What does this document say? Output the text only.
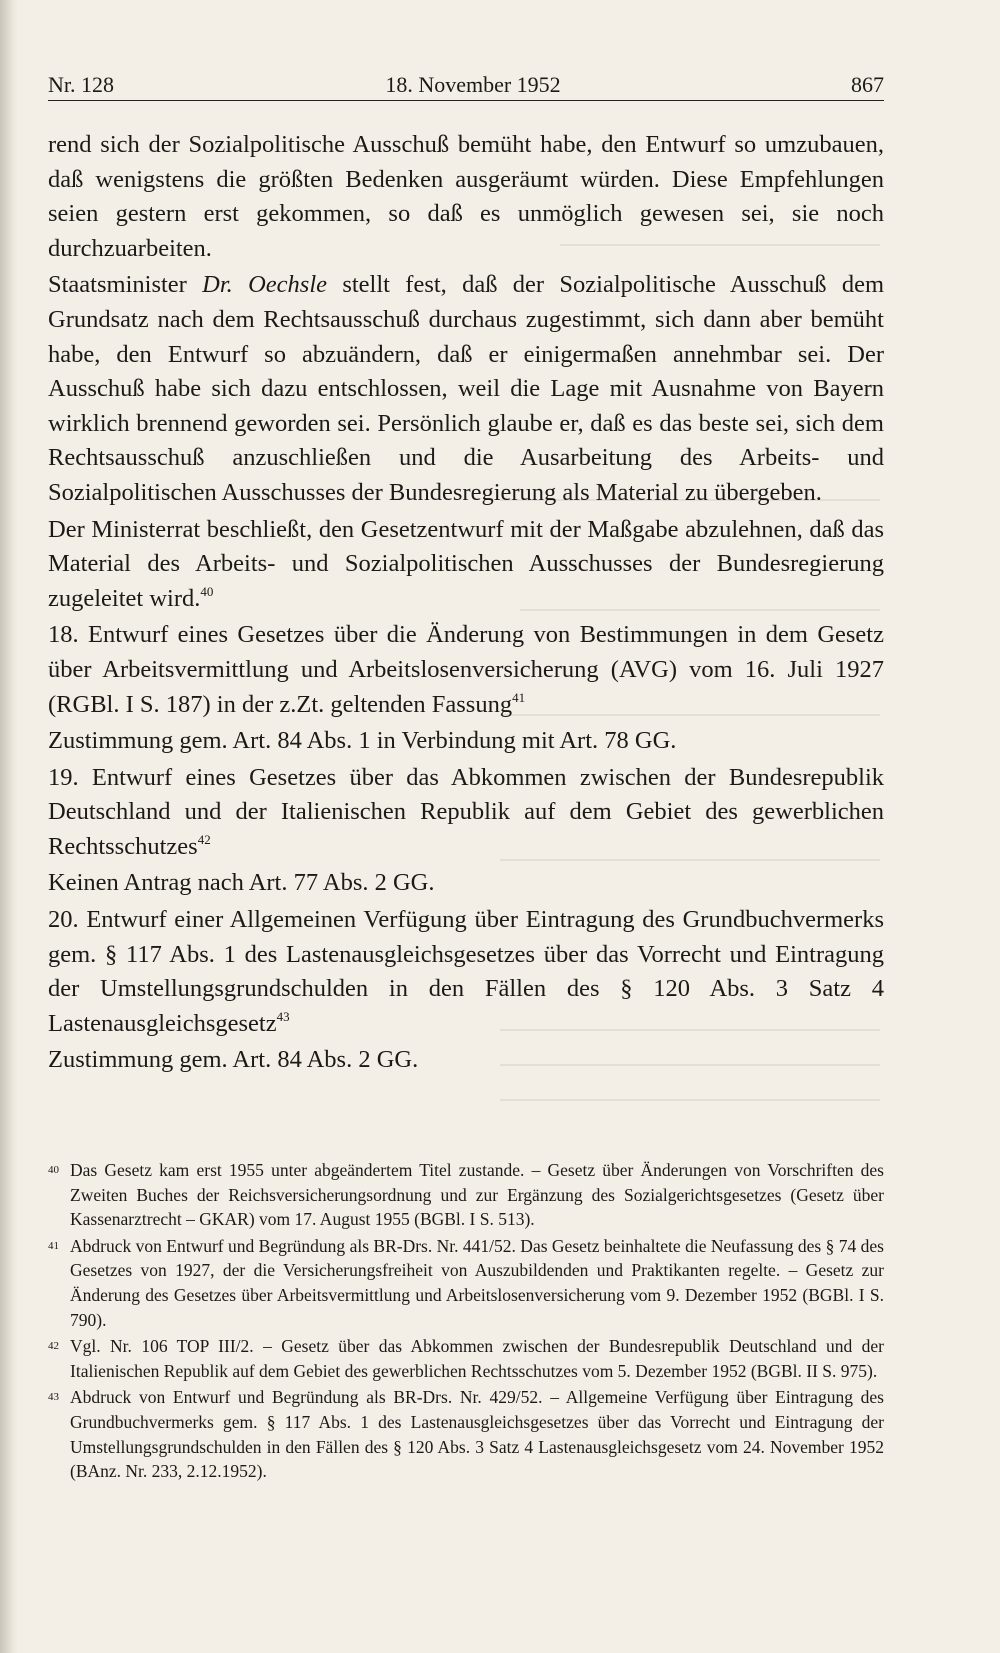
Nr. 128	18. November 1952	867

rend sich der Sozialpolitische Ausschuß bemüht habe, den Entwurf so umzubauen, daß wenigstens die größten Bedenken ausgeräumt würden. Diese Empfehlungen seien gestern erst gekommen, so daß es unmöglich gewesen sei, sie noch durchzuarbeiten.

Staatsminister Dr. Oechsle stellt fest, daß der Sozialpolitische Ausschuß dem Grundsatz nach dem Rechtsausschuß durchaus zugestimmt, sich dann aber bemüht habe, den Entwurf so abzuändern, daß er einigermaßen annehmbar sei. Der Ausschuß habe sich dazu entschlossen, weil die Lage mit Ausnahme von Bayern wirklich brennend geworden sei. Persönlich glaube er, daß es das beste sei, sich dem Rechtsausschuß anzuschließen und die Ausarbeitung des Arbeits- und Sozialpolitischen Ausschusses der Bundesregierung als Material zu übergeben.

Der Ministerrat beschließt, den Gesetzentwurf mit der Maßgabe abzulehnen, daß das Material des Arbeits- und Sozialpolitischen Ausschusses der Bundesregierung zugeleitet wird.$^{40}$

18. Entwurf eines Gesetzes über die Änderung von Bestimmungen in dem Gesetz über Arbeitsvermittlung und Arbeitslosenversicherung (AVG) vom 16. Juli 1927 (RGBl. I S. 187) in der z.Zt. geltenden Fassung$^{41}$

Zustimmung gem. Art. 84 Abs. 1 in Verbindung mit Art. 78 GG.

19. Entwurf eines Gesetzes über das Abkommen zwischen der Bundesrepublik Deutschland und der Italienischen Republik auf dem Gebiet des gewerblichen Rechtsschutzes$^{42}$

Keinen Antrag nach Art. 77 Abs. 2 GG.

20. Entwurf einer Allgemeinen Verfügung über Eintragung des Grundbuchvermerks gem. § 117 Abs. 1 des Lastenausgleichsgesetzes über das Vorrecht und Eintragung der Umstellungsgrundschulden in den Fällen des § 120 Abs. 3 Satz 4 Lastenausgleichsgesetz$^{43}$

Zustimmung gem. Art. 84 Abs. 2 GG.

40 Das Gesetz kam erst 1955 unter abgeändertem Titel zustande. – Gesetz über Änderungen von Vorschriften des Zweiten Buches der Reichsversicherungsordnung und zur Ergänzung des Sozialgerichtsgesetzes (Gesetz über Kassenarztrecht – GKAR) vom 17. August 1955 (BGBl. I S. 513).
41 Abdruck von Entwurf und Begründung als BR-Drs. Nr. 441/52. Das Gesetz beinhaltete die Neufassung des § 74 des Gesetzes von 1927, der die Versicherungsfreiheit von Auszubildenden und Praktikanten regelte. – Gesetz zur Änderung des Gesetzes über Arbeitsvermittlung und Arbeitslosenversicherung vom 9. Dezember 1952 (BGBl. I S. 790).
42 Vgl. Nr. 106 TOP III/2. – Gesetz über das Abkommen zwischen der Bundesrepublik Deutschland und der Italienischen Republik auf dem Gebiet des gewerblichen Rechtsschutzes vom 5. Dezember 1952 (BGBl. II S. 975).
43 Abdruck von Entwurf und Begründung als BR-Drs. Nr. 429/52. – Allgemeine Verfügung über Eintragung des Grundbuchvermerks gem. § 117 Abs. 1 des Lastenausgleichsgesetzes über das Vorrecht und Eintragung der Umstellungsgrundschulden in den Fällen des § 120 Abs. 3 Satz 4 Lastenausgleichsgesetz vom 24. November 1952 (BAnz. Nr. 233, 2.12.1952).
